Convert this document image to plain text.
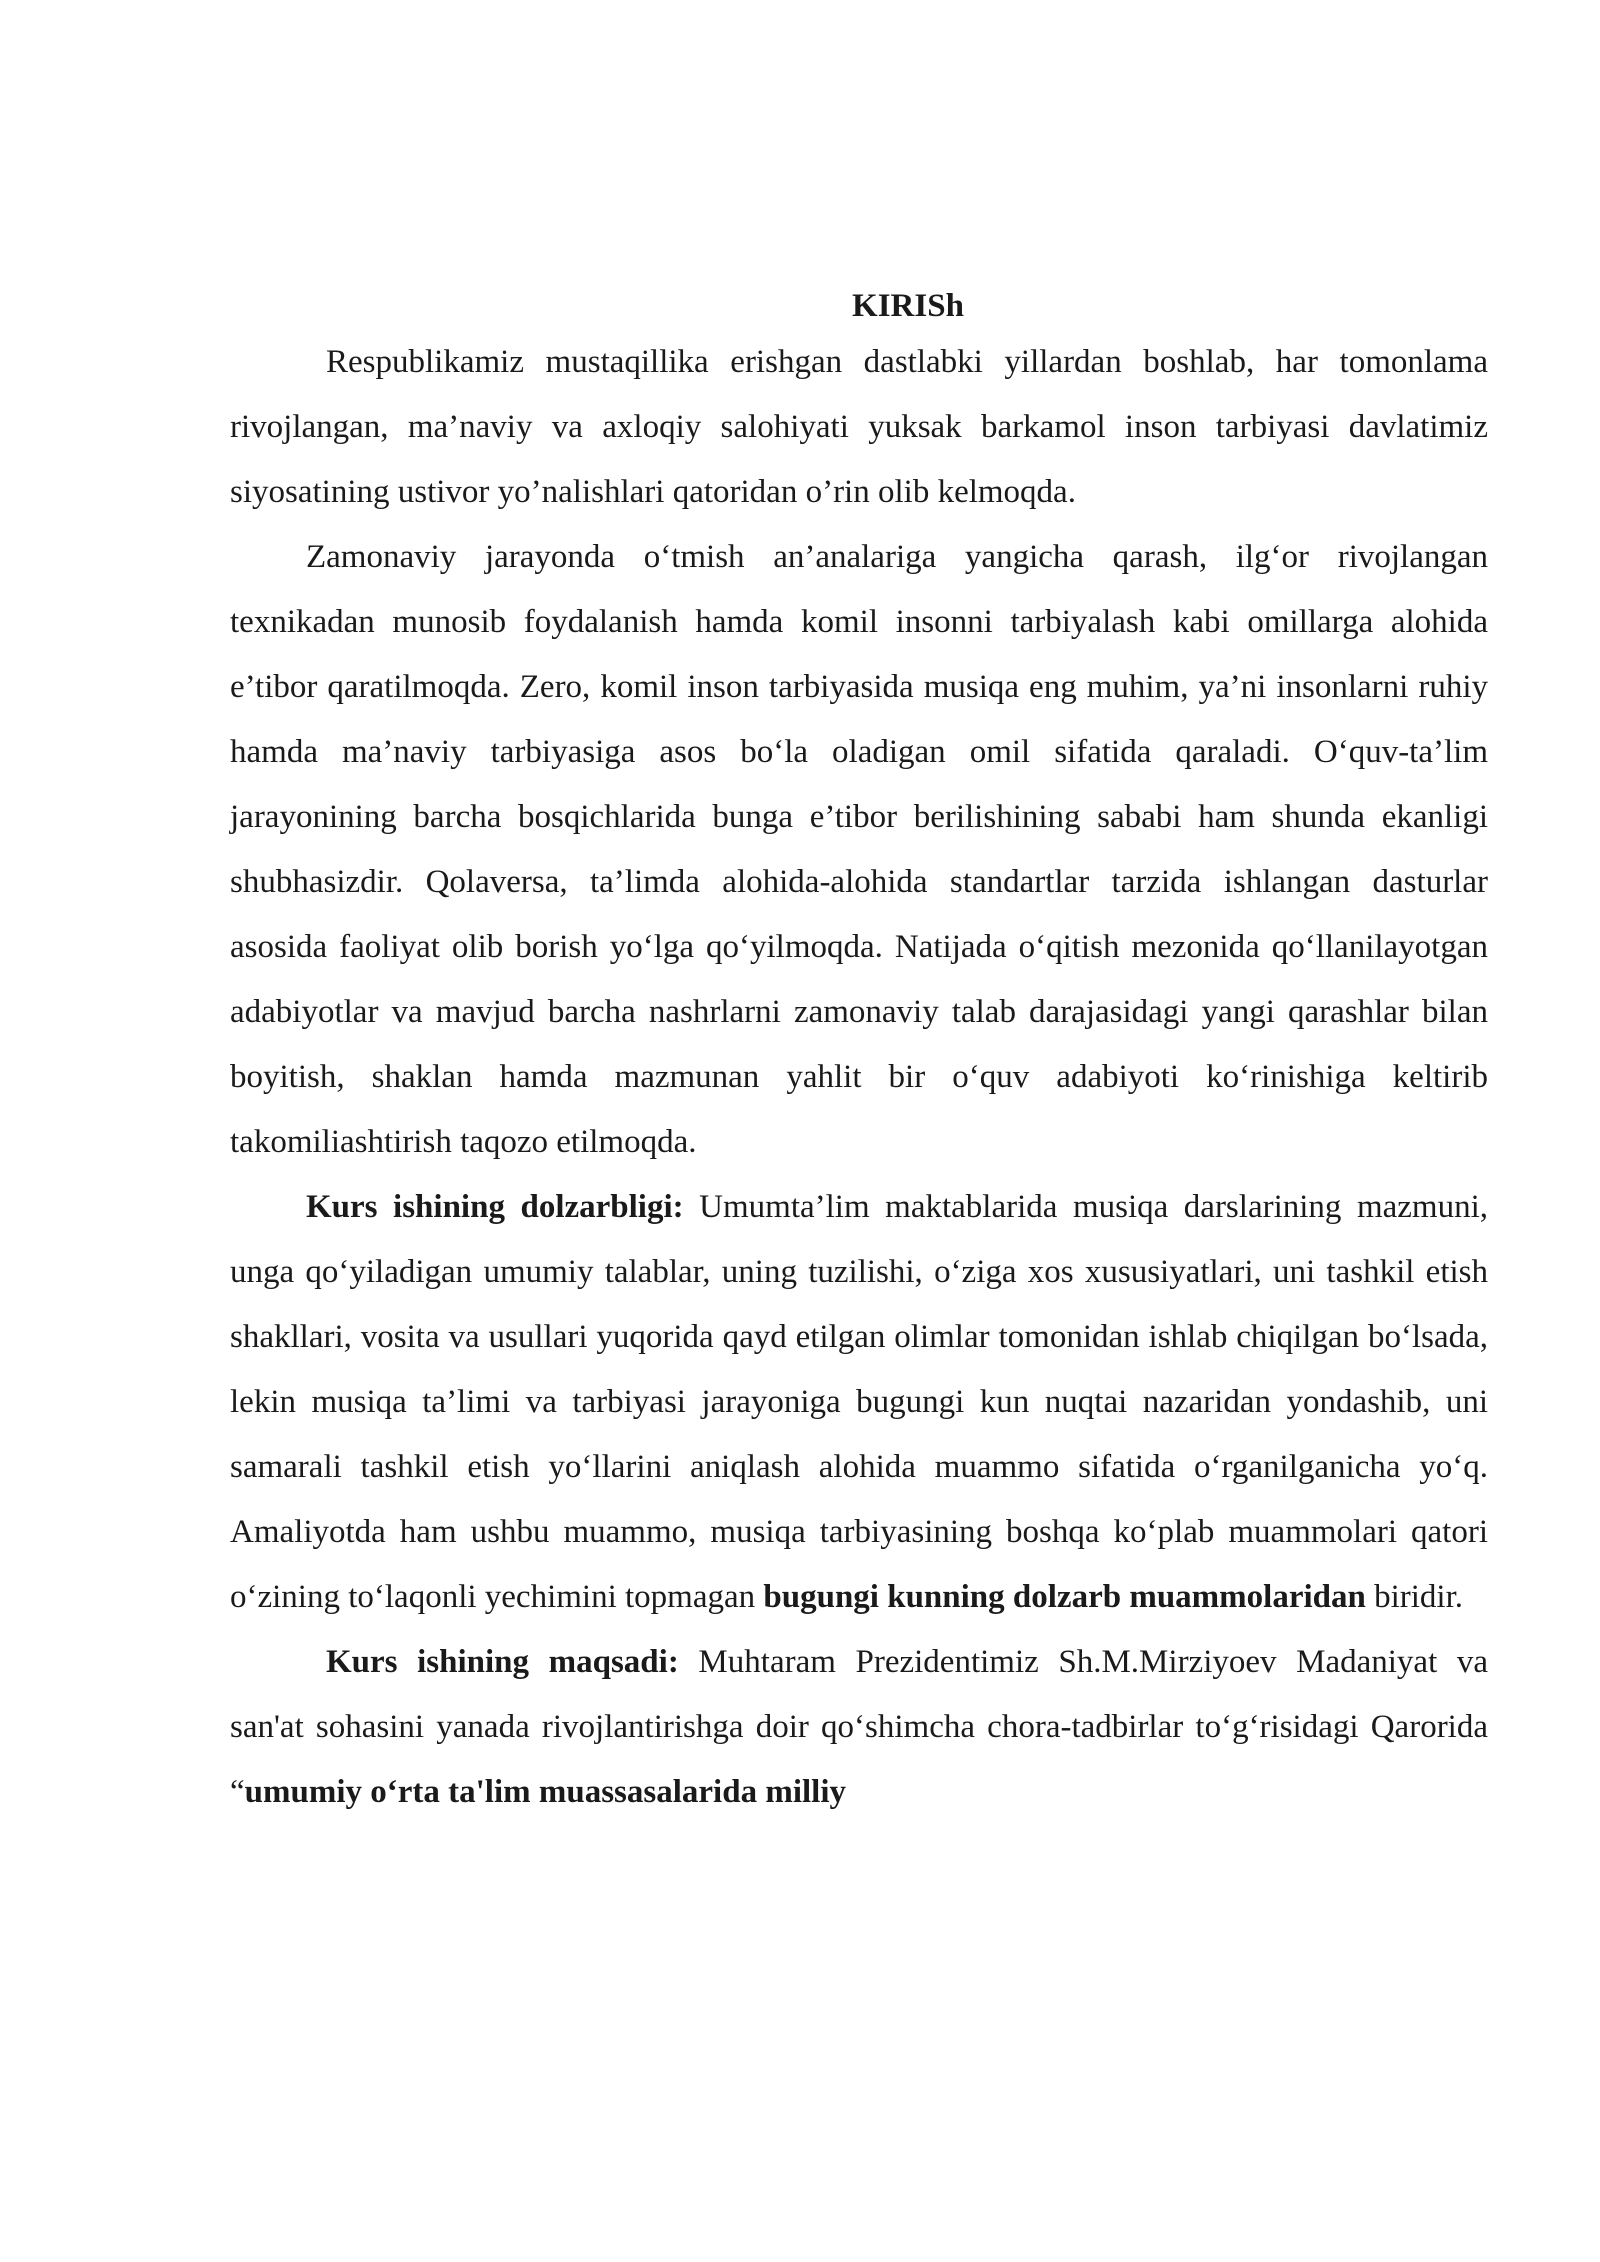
KIRISh

Respublikamiz mustaqillika erishgan dastlabki yillardan boshlab, har tomonlama rivojlangan, ma’naviy va axloqiy salohiyati yuksak barkamol inson tarbiyasi davlatimiz siyosatining ustivor yo’nalishlari qatoridan o’rin olib kelmoqda.

Zamonaviy jarayonda o‘tmish an’analariga yangicha qarash, ilg‘or rivojlangan texnikadan munosib foydalanish hamda komil insonni tarbiyalash kabi omillarga alohida e’tibor qaratilmoqda. Zero, komil inson tarbiyasida musiqa eng muhim, ya’ni insonlarni ruhiy hamda ma’naviy tarbiyasiga asos bo‘la oladigan omil sifatida qaraladi. O‘quv-ta’lim jarayonining barcha bosqichlarida bunga e’tibor berilishining sababi ham shunda ekanligi shubhasizdir. Qolaversa, ta’limda alohida-alohida standartlar tarzida ishlangan dasturlar asosida faoliyat olib borish yo‘lga qo‘yilmoqda. Natijada o‘qitish mezonida qo‘llanilayotgan adabiyotlar va mavjud barcha nashrlarni zamonaviy talab darajasidagi yangi qarashlar bilan boyitish, shaklan hamda mazmunan yahlit bir o‘quv adabiyoti ko‘rinishiga keltirib takomiliashtirish taqozo etilmoqda.

Kurs ishining dolzarbligi: Umumta’lim maktablarida musiqa darslarining mazmuni, unga qo‘yiladigan umumiy talablar, uning tuzilishi, o‘ziga xos xususiyatlari, uni tashkil etish shakllari, vosita va usullari yuqorida qayd etilgan olimlar tomonidan ishlab chiqilgan bo‘lsada, lekin musiqa ta’limi va tarbiyasi jarayoniga bugungi kun nuqtai nazaridan yondashib, uni samarali tashkil etish yo‘llarini aniqlash alohida muammo sifatida o‘rganilganicha yo‘q. Amaliyotda ham ushbu muammo, musiqa tarbiyasining boshqa ko‘plab muammolari qatori o‘zining to‘laqonli yechimini topmagan bugungi kunning dolzarb muammolaridan biridir.

Kurs ishining maqsadi: Muhtaram Prezidentimiz Sh.M.Mirziyoev Madaniyat va san'at sohasini yanada rivojlantirishga doir qo‘shimcha chora-tadbirlar to‘g‘risidagi Qarorida “umumiy o‘rta ta'lim muassasalarida milliy
